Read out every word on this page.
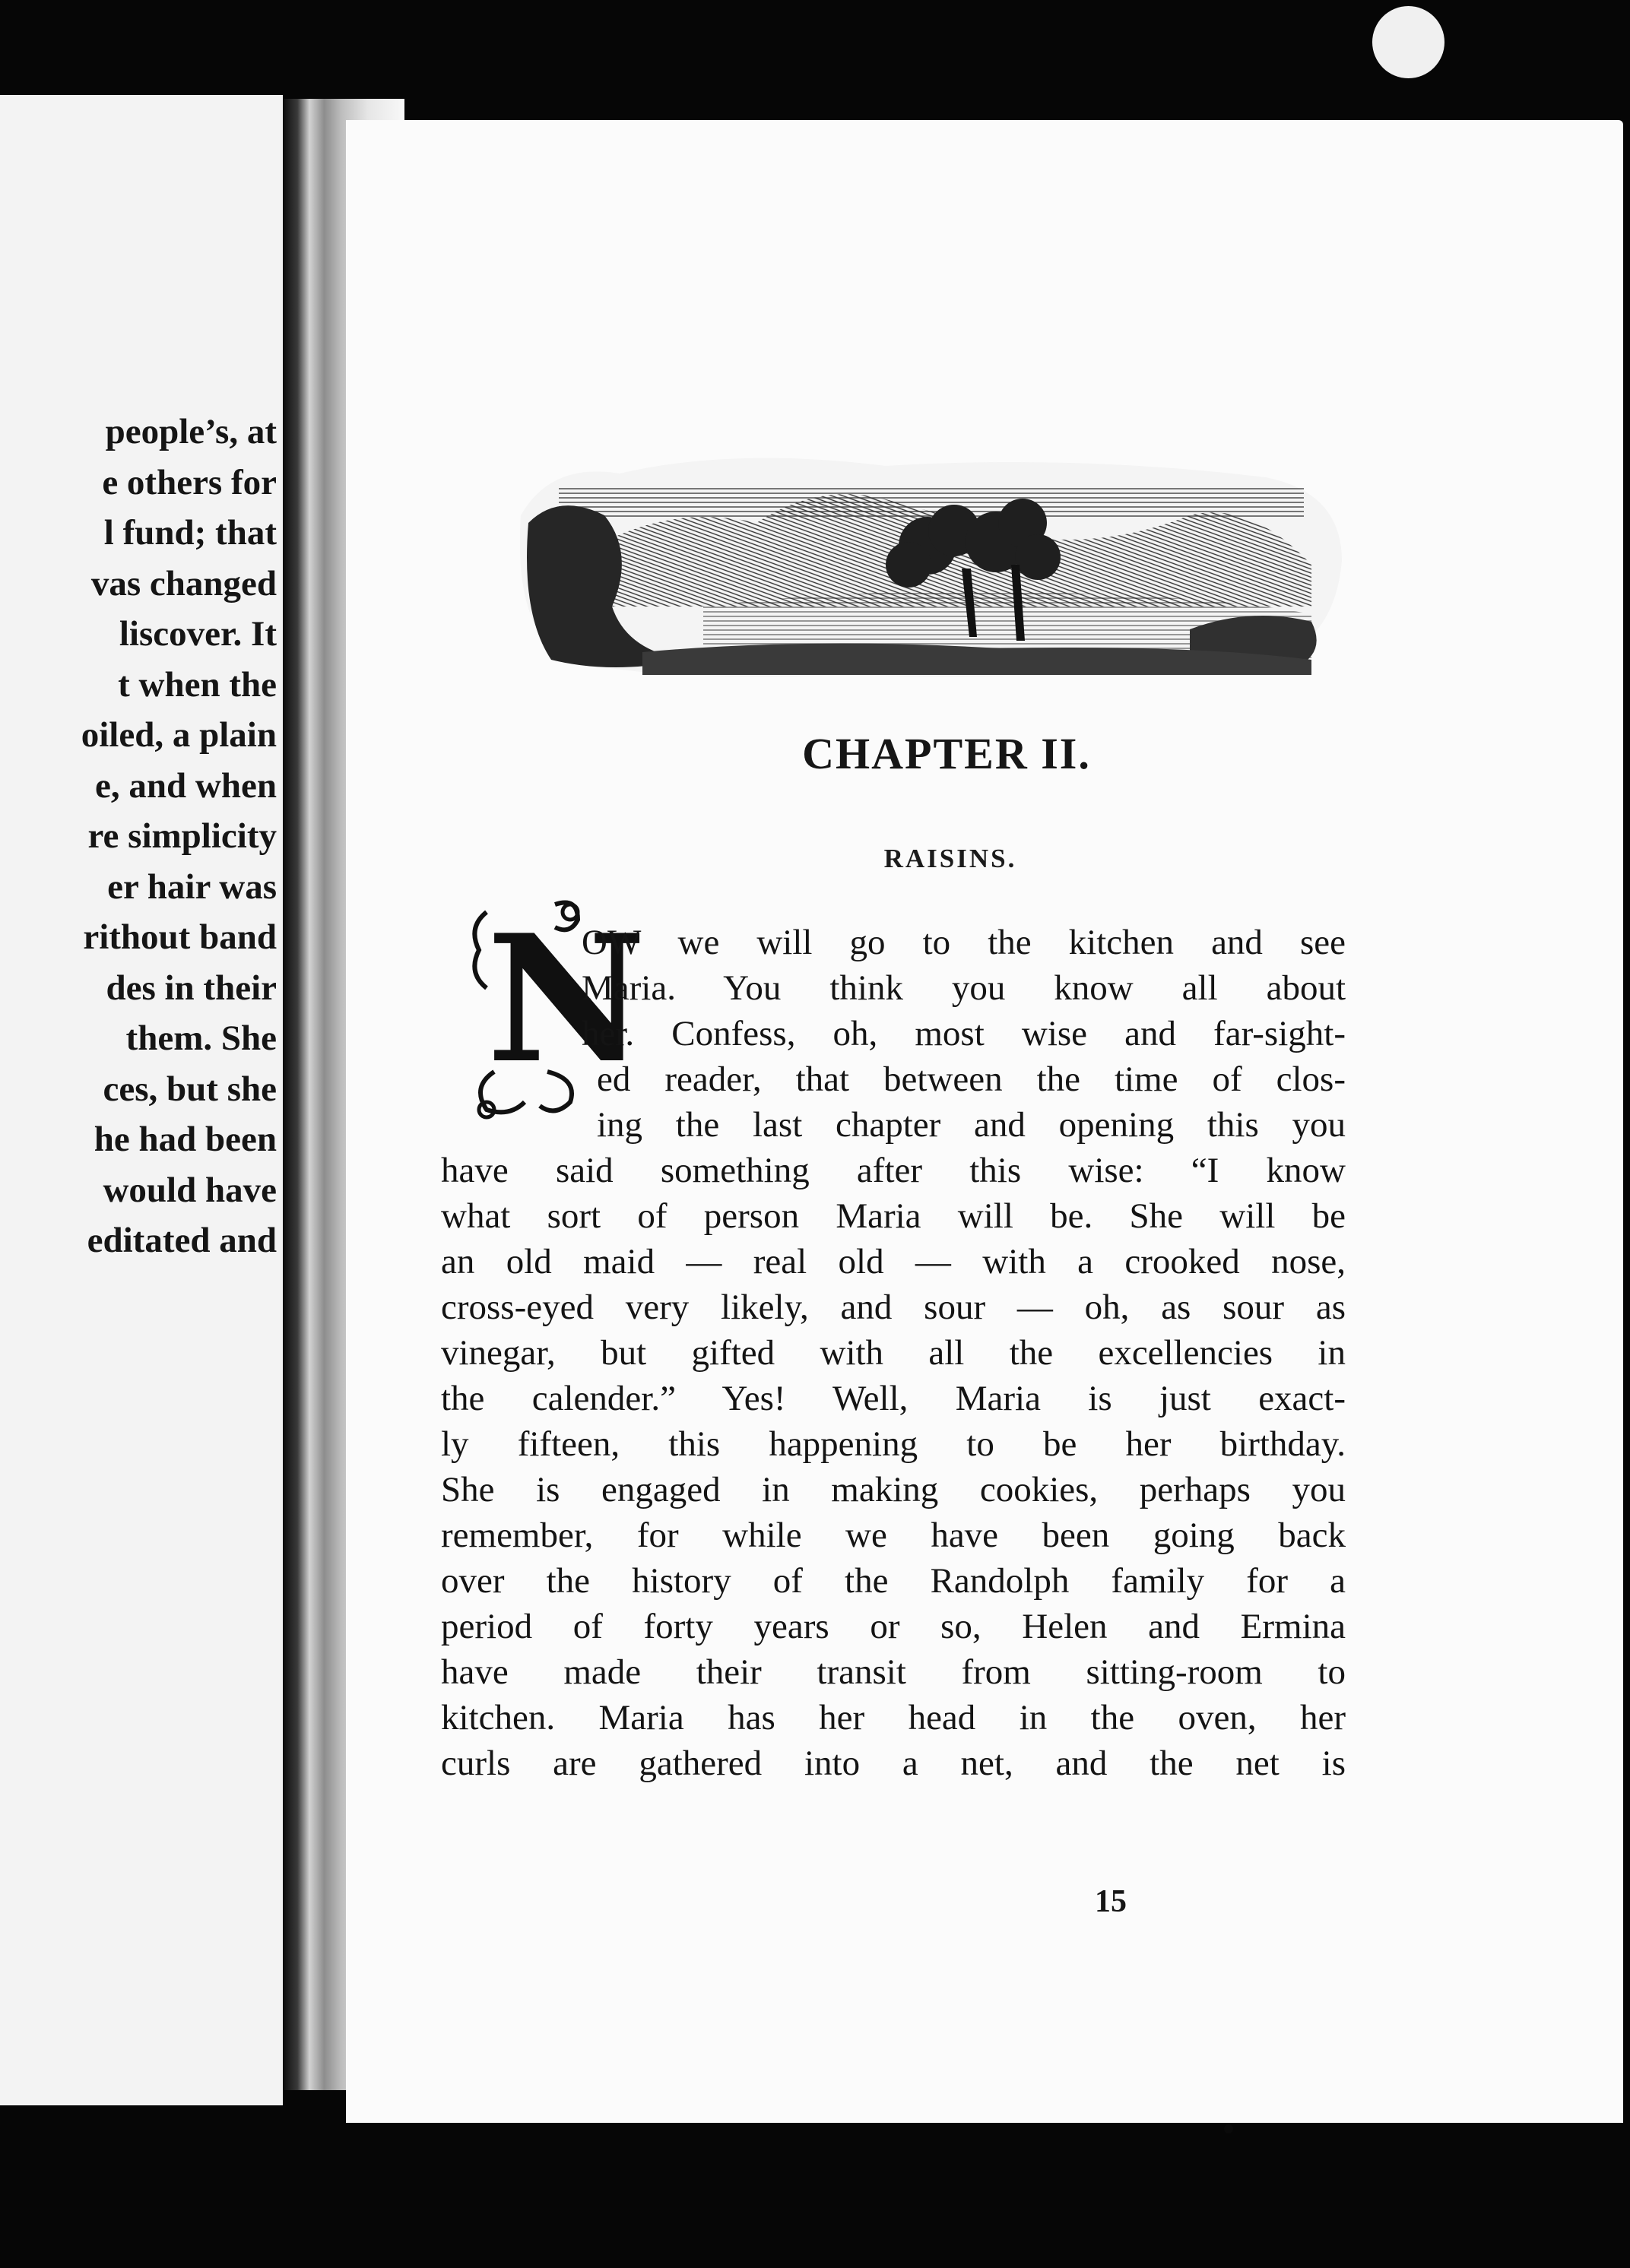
people’s, at
e others for
l fund; that
vas changed
liscover. It
t when the
oiled, a plain
e, and when
re simplicity
er hair was
rithout band
des in their
them. She
ces, but she
he had been
would have
editated and
CHAPTER II.
RAISINS.
N
OW we will go to the kitchen and see
Maria. You think you know all about
her. Confess, oh, most wise and far-sight-
ed reader, that between the time of clos-
ing the last chapter and opening this you
have said something after this wise: “I know
what sort of person Maria will be. She will be
an old maid — real old — with a crooked nose,
cross-eyed very likely, and sour — oh, as sour as
vinegar, but gifted with all the excellencies in
the calender.” Yes! Well, Maria is just exact-
ly fifteen, this happening to be her birthday.
She is engaged in making cookies, perhaps you
remember, for while we have been going back
over the history of the Randolph family for a
period of forty years or so, Helen and Ermina
have made their transit from sitting-room to
kitchen. Maria has her head in the oven, her
curls are gathered into a net, and the net is
15
